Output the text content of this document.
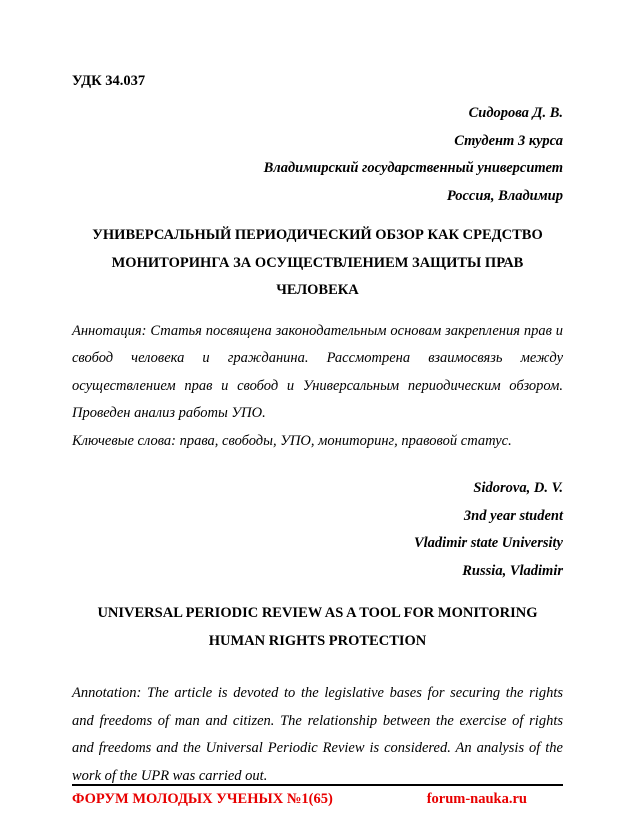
УДК 34.037
Сидорова Д. В.
Студент 3 курса
Владимирский государственный университет
Россия, Владимир
УНИВЕРСАЛЬНЫЙ ПЕРИОДИЧЕСКИЙ ОБЗОР КАК СРЕДСТВО МОНИТОРИНГА ЗА ОСУЩЕСТВЛЕНИЕМ ЗАЩИТЫ ПРАВ ЧЕЛОВЕКА
Аннотация: Статья посвящена законодательным основам закрепления прав и свобод человека и гражданина. Рассмотрена взаимосвязь между осуществлением прав и свобод и Универсальным периодическим обзором. Проведен анализ работы УПО.
Ключевые слова: права, свободы, УПО, мониторинг, правовой статус.
Sidorova, D. V.
3nd year student
Vladimir state University
Russia, Vladimir
UNIVERSAL PERIODIC REVIEW AS A TOOL FOR MONITORING HUMAN RIGHTS PROTECTION
Annotation: The article is devoted to the legislative bases for securing the rights and freedoms of man and citizen. The relationship between the exercise of rights and freedoms and the Universal Periodic Review is considered. An analysis of the work of the UPR was carried out.
ФОРУМ МОЛОДЫХ УЧЕНЫХ №1(65)	forum-nauka.ru
